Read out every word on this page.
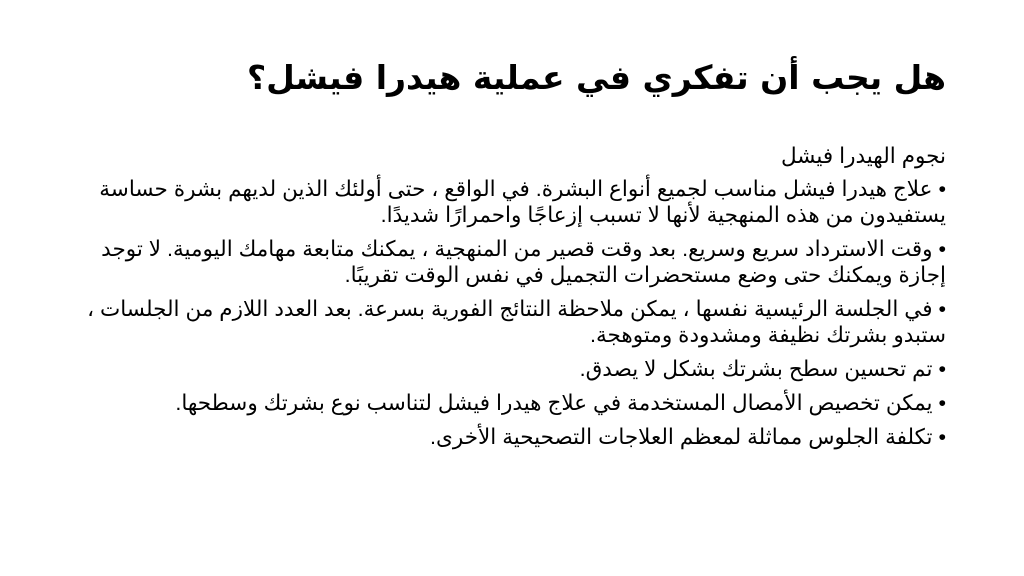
هل يجب أن تفكري في عملية هيدرا فيشل؟
نجوم الهيدرا فيشل
• علاج هيدرا فيشل مناسب لجميع أنواع البشرة. في الواقع ، حتى أولئك الذين لديهم بشرة حساسة يستفيدون من هذه المنهجية لأنها لا تسبب إزعاجًا واحمرارًا شديدًا.
• وقت الاسترداد سريع وسريع. بعد وقت قصير من المنهجية ، يمكنك متابعة مهامك اليومية. لا توجد إجازة ويمكنك حتى وضع مستحضرات التجميل في نفس الوقت تقريبًا.
• في الجلسة الرئيسية نفسها ، يمكن ملاحظة النتائج الفورية بسرعة. بعد العدد اللازم من الجلسات ، ستبدو بشرتك نظيفة ومشدودة ومتوهجة.
• تم تحسين سطح بشرتك بشكل لا يصدق.
• يمكن تخصيص الأمصال المستخدمة في علاج هيدرا فيشل لتناسب نوع بشرتك وسطحها.
• تكلفة الجلوس مماثلة لمعظم العلاجات التصحيحية الأخرى.
